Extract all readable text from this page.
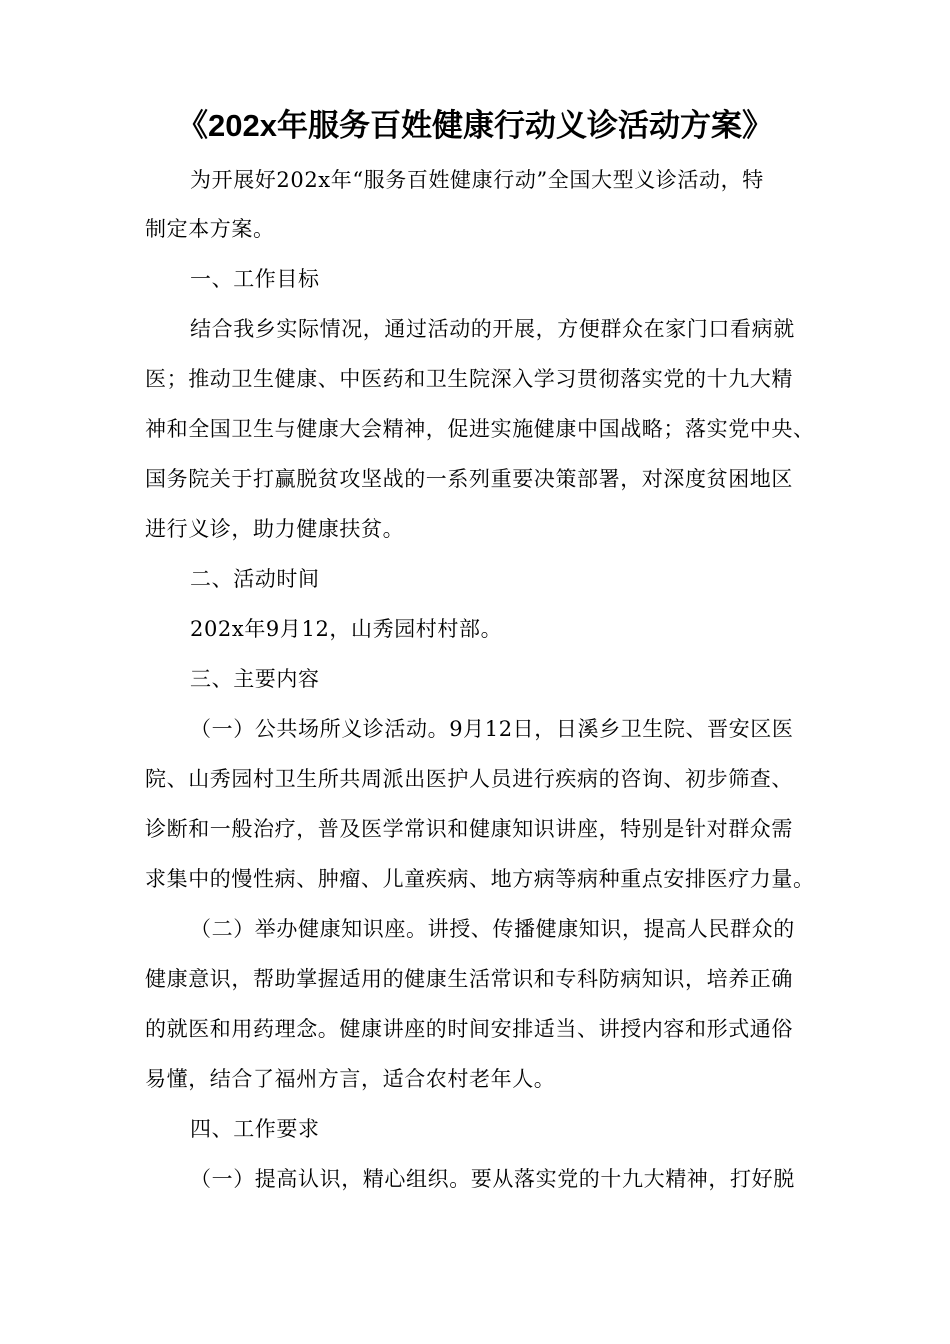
《202x年服务百姓健康行动义诊活动方案》
为开展好202x年“服务百姓健康行动”全国大型义诊活动，特
制定本方案。
一、工作目标
结合我乡实际情况，通过活动的开展，方便群众在家门口看病就
医；推动卫生健康、中医药和卫生院深入学习贯彻落实党的十九大精
神和全国卫生与健康大会精神，促进实施健康中国战略；落实党中央、
国务院关于打赢脱贫攻坚战的一系列重要决策部署，对深度贫困地区
进行义诊，助力健康扶贫。
二、活动时间
202x年9月12，山秀园村村部。
三、主要内容
（一）公共场所义诊活动。9月12日，日溪乡卫生院、晋安区医
院、山秀园村卫生所共周派出医护人员进行疾病的咨询、初步筛查、
诊断和一般治疗，普及医学常识和健康知识讲座，特别是针对群众需
求集中的慢性病、肿瘤、儿童疾病、地方病等病种重点安排医疗力量。
（二）举办健康知识座。讲授、传播健康知识，提高人民群众的
健康意识，帮助掌握适用的健康生活常识和专科防病知识，培养正确
的就医和用药理念。健康讲座的时间安排适当、讲授内容和形式通俗
易懂，结合了福州方言，适合农村老年人。
四、工作要求
（一）提高认识，精心组织。要从落实党的十九大精神，打好脱
